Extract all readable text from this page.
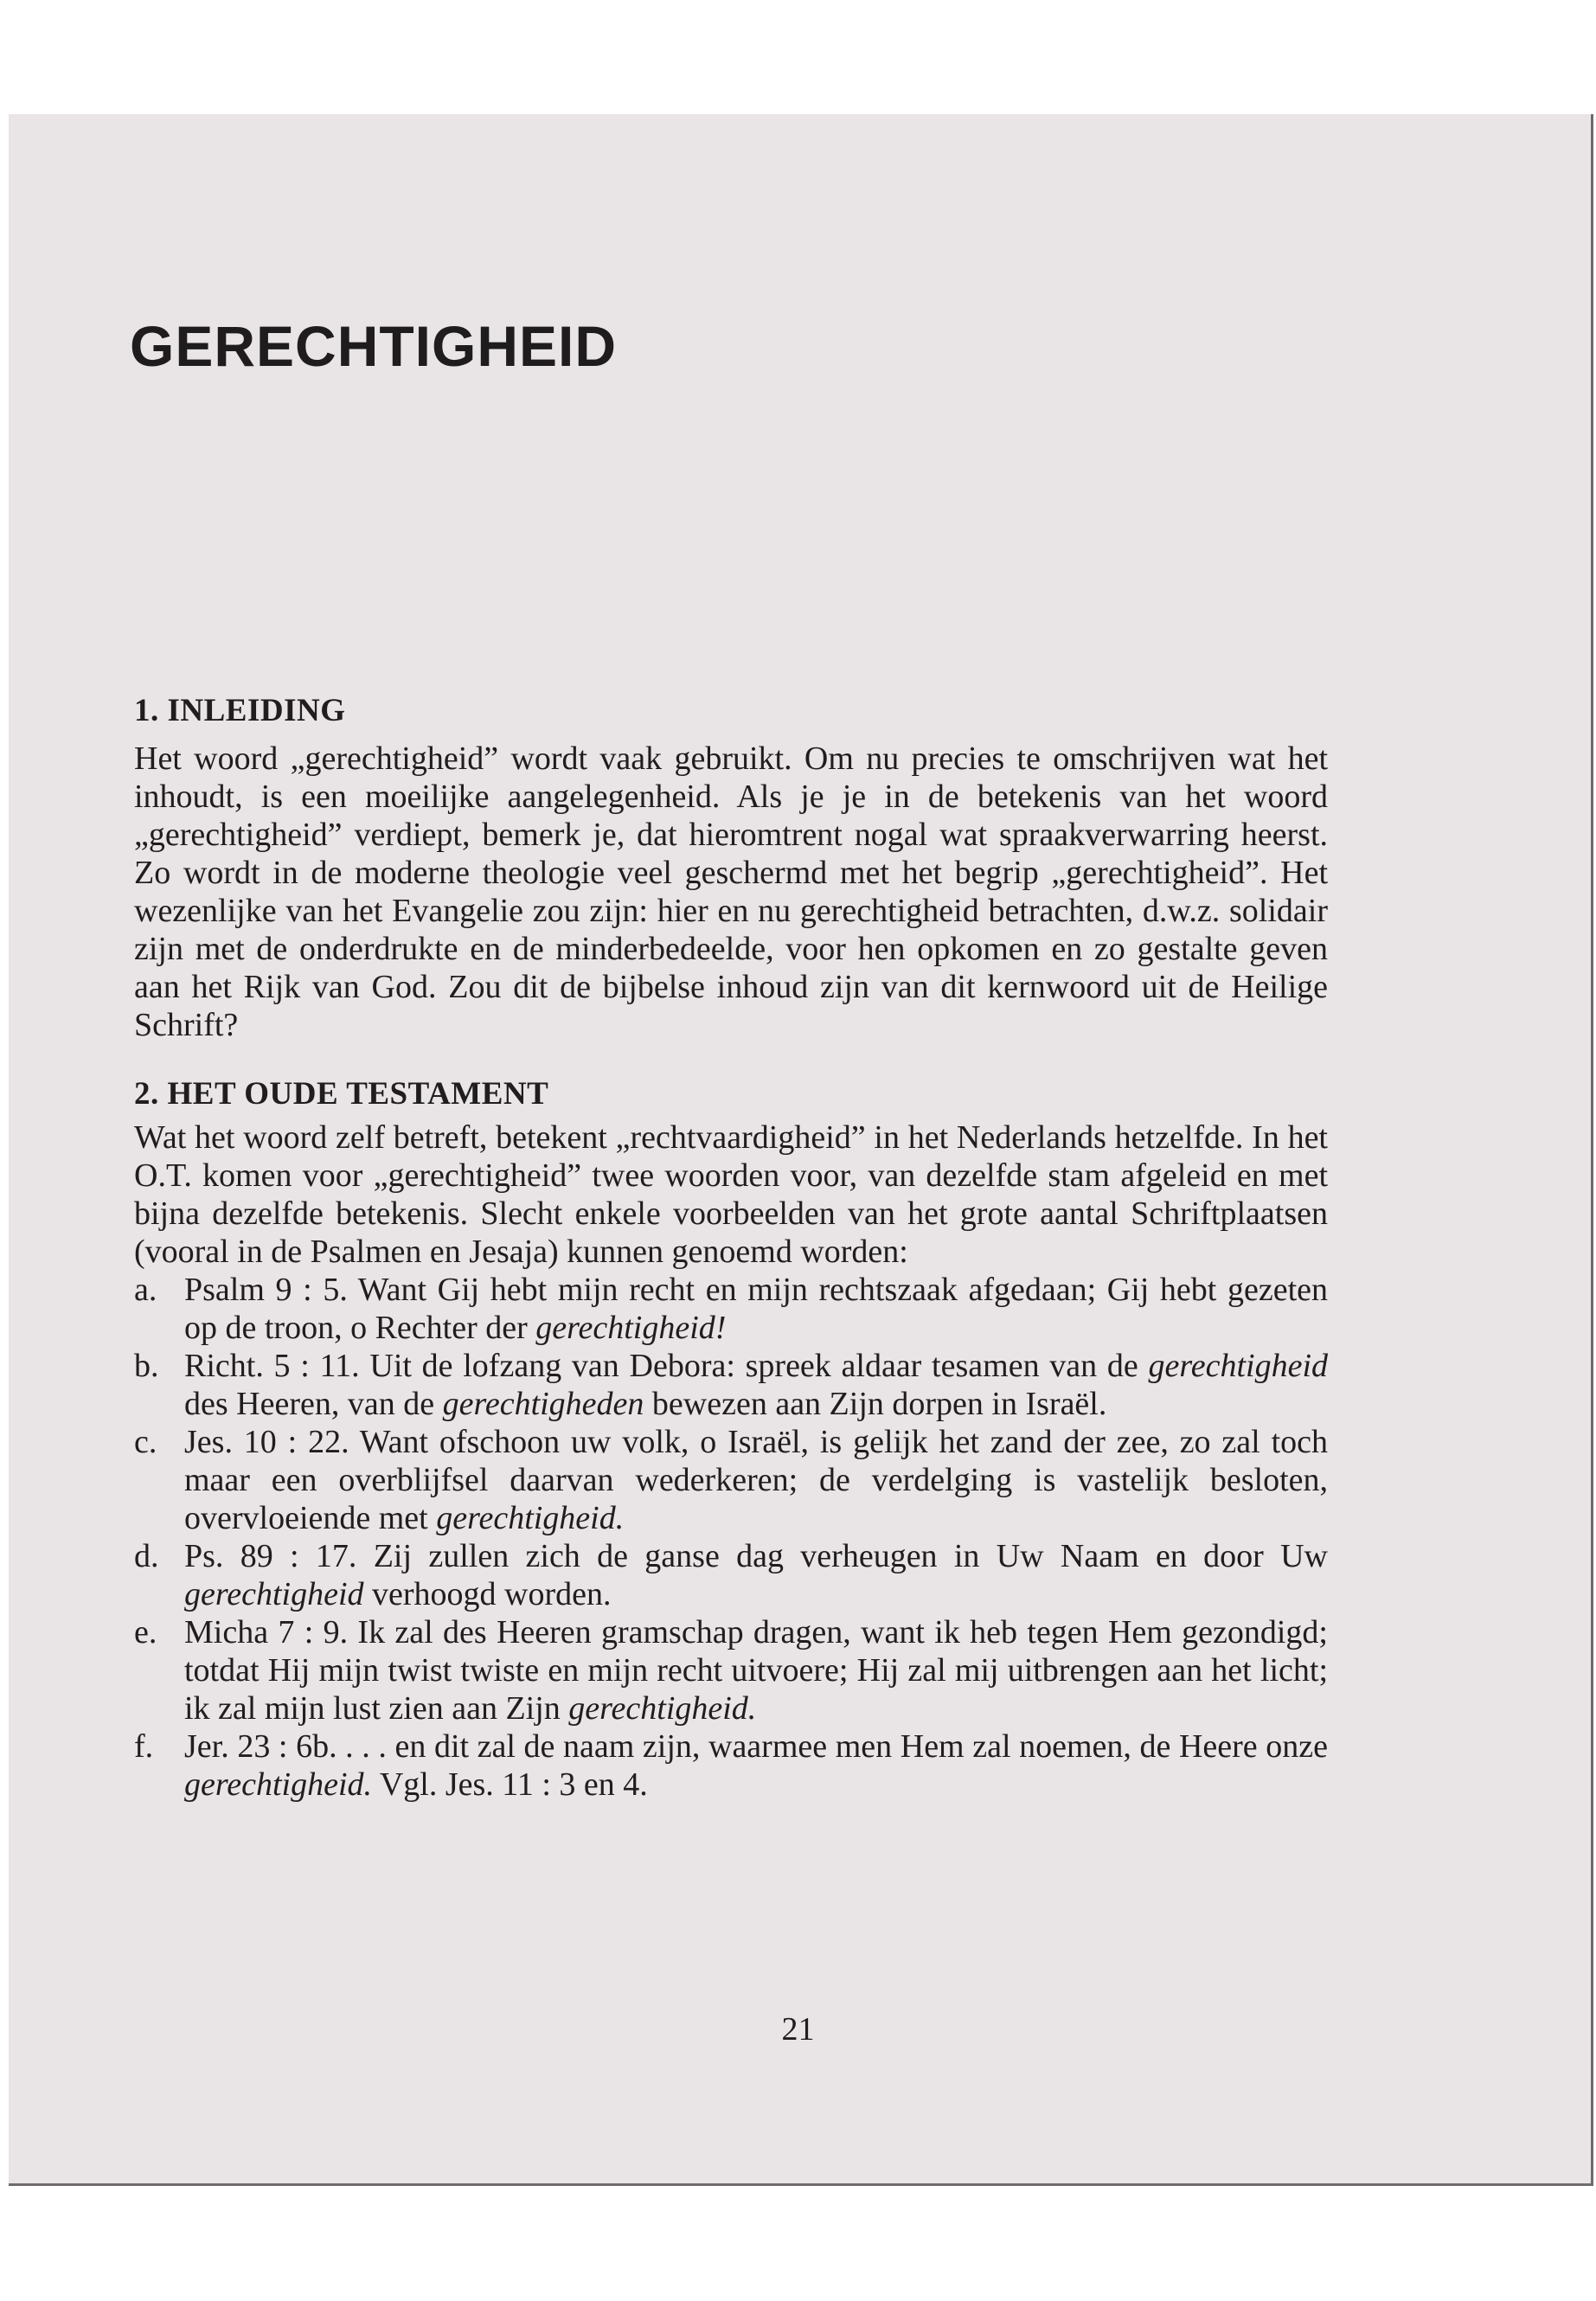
GERECHTIGHEID
1. INLEIDING

Het woord „gerechtigheid” wordt vaak gebruikt. Om nu precies te omschrijven wat het inhoudt, is een moeilijke aangelegenheid. Als je je in de betekenis van het woord „gerechtigheid” verdiept, bemerk je, dat hieromtrent nogal wat spraakverwarring heerst. Zo wordt in de moderne theologie veel geschermd met het begrip „gerechtigheid”. Het wezenlijke van het Evangelie zou zijn: hier en nu gerechtigheid betrachten, d.w.z. solidair zijn met de onderdrukte en de minderbedeelde, voor hen opkomen en zo gestalte geven aan het Rijk van God. Zou dit de bijbelse inhoud zijn van dit kernwoord uit de Heilige Schrift?

2. HET OUDE TESTAMENT

Wat het woord zelf betreft, betekent „rechtvaardigheid” in het Nederlands hetzelfde. In het O.T. komen voor „gerechtigheid” twee woorden voor, van dezelfde stam afgeleid en met bijna dezelfde betekenis. Slecht enkele voorbeelden van het grote aantal Schriftplaatsen (vooral in de Psalmen en Jesaja) kunnen genoemd worden:

a. Psalm 9 : 5. Want Gij hebt mijn recht en mijn rechtszaak afgedaan; Gij hebt gezeten op de troon, o Rechter der gerechtigheid!
b. Richt. 5 : 11. Uit de lofzang van Debora: spreek aldaar tesamen van de gerechtigheid des Heeren, van de gerechtigheden bewezen aan Zijn dorpen in Israël.
c. Jes. 10 : 22. Want ofschoon uw volk, o Israël, is gelijk het zand der zee, zo zal toch maar een overblijfsel daarvan wederkeren; de verdelging is vastelijk besloten, overvloeiende met gerechtigheid.
d. Ps. 89 : 17. Zij zullen zich de ganse dag verheugen in Uw Naam en door Uw gerechtigheid verhoogd worden.
e. Micha 7 : 9. Ik zal des Heeren gramschap dragen, want ik heb tegen Hem gezondigd; totdat Hij mijn twist twiste en mijn recht uitvoere; Hij zal mij uitbrengen aan het licht; ik zal mijn lust zien aan Zijn gerechtigheid.
f. Jer. 23 : 6b. . . . en dit zal de naam zijn, waarmee men Hem zal noemen, de Heere onze gerechtigheid. Vgl. Jes. 11 : 3 en 4.
21
